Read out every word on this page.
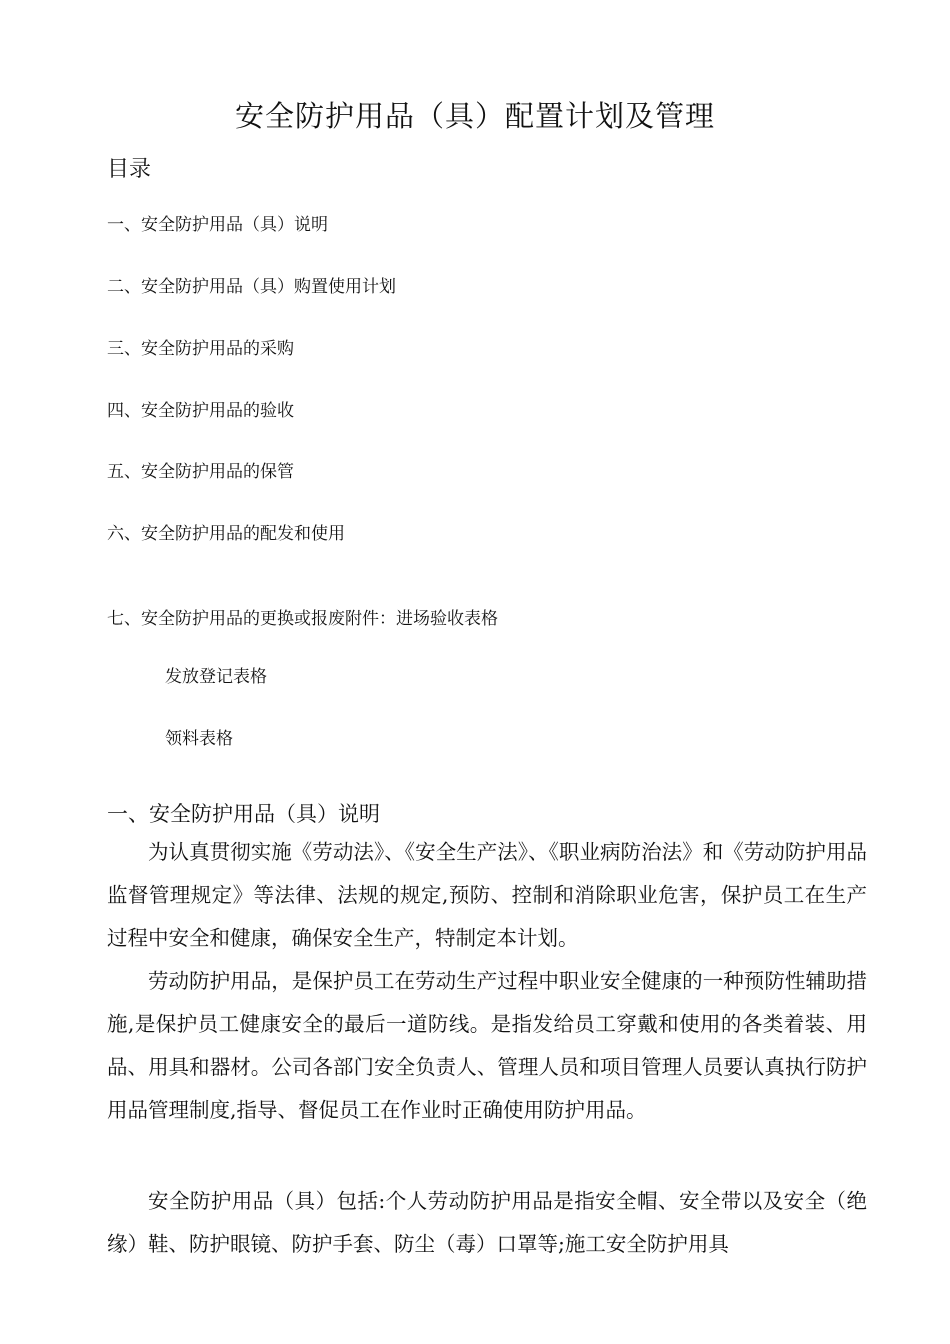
安全防护用品（具）配置计划及管理
目录
一、安全防护用品（具）说明
二、安全防护用品（具）购置使用计划
三、安全防护用品的采购
四、安全防护用品的验收
五、安全防护用品的保管
六、安全防护用品的配发和使用
七、安全防护用品的更换或报废附件：进场验收表格
发放登记表格
领料表格
一、安全防护用品（具）说明

为认真贯彻实施《劳动法》、《安全生产法》、《职业病防治法》和《劳动防护用品监督管理规定》等法律、法规的规定,预防、控制和消除职业危害，保护员工在生产过程中安全和健康，确保安全生产，特制定本计划。

劳动防护用品，是保护员工在劳动生产过程中职业安全健康的一种预防性辅助措施,是保护员工健康安全的最后一道防线。是指发给员工穿戴和使用的各类着装、用品、用具和器材。公司各部门安全负责人、管理人员和项目管理人员要认真执行防护用品管理制度,指导、督促员工在作业时正确使用防护用品。

安全防护用品（具）包括:个人劳动防护用品是指安全帽、安全带以及安全（绝缘）鞋、防护眼镜、防护手套、防尘（毒）口罩等;施工安全防护用具
